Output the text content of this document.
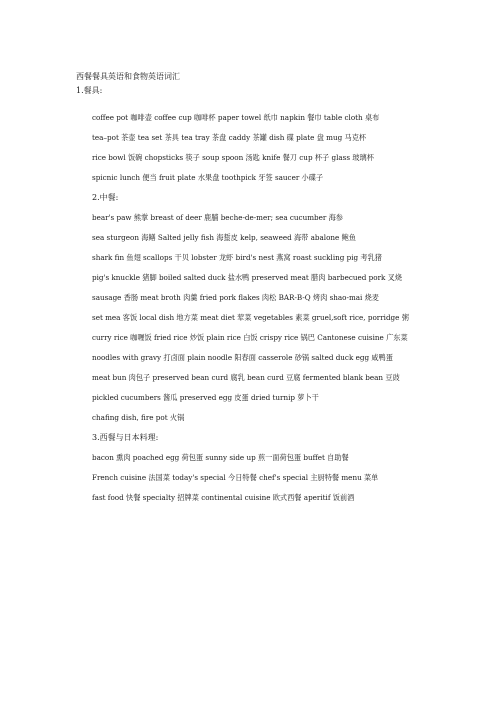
西餐餐具英语和食物英语词汇
1.餐具:
coffee pot 咖啡壶 coffee cup 咖啡杯 paper towel 纸巾 napkin 餐巾 table cloth 桌布
tea–pot 茶壶 tea set 茶具 tea tray 茶盘 caddy 茶罐 dish 碟 plate 盘 mug 马克杯
rice bowl 饭碗 chopsticks 筷子 soup spoon 汤匙 knife 餐刀 cup 杯子 glass 玻璃杯
spicnic lunch 便当 fruit plate 水果盘 toothpick 牙签 saucer 小碟子
2.中餐:
bear's paw 熊掌 breast of deer 鹿脯 beche-de-mer; sea cucumber 海参
sea sturgeon 海鳝 Salted jelly fish 海蜇皮 kelp, seaweed 海带 abalone 鲍鱼
shark fin 鱼翅 scallops 干贝 lobster 龙虾 bird's nest 燕窝 roast suckling pig 考乳猪
pig's knuckle 猪脚 boiled salted duck 盐水鸭 preserved meat 腊肉 barbecued pork 叉烧
sausage 香肠 meat broth 肉羹 fried pork flakes 肉松 BAR-B-Q 烤肉 shao-mai 烧麦
set mea 客饭 local dish 地方菜 meat diet 荤菜 vegetables 素菜 gruel,soft rice, porridge 粥
curry rice 咖喱饭 fried rice 炒饭 plain rice 白饭 crispy rice 锅巴 Cantonese cuisine 广东菜
noodles with gravy 打卤面 plain noodle 阳春面 casserole 砂锅 salted duck egg 咸鸭蛋
meat bun 肉包子 preserved bean curd 腐乳 bean curd 豆腐 fermented blank bean 豆豉
pickled cucumbers 酱瓜 preserved egg 皮蛋 dried turnip 萝卜干
chafing dish, fire pot 火锅
3.西餐与日本料理:
bacon 熏肉 poached egg 荷包蛋 sunny side up 煎一面荷包蛋 buffet 自助餐
French cuisine 法国菜 today's special 今日特餐 chef's special 主厨特餐 menu 菜单
fast food 快餐 specialty 招牌菜 continental cuisine 欧式西餐 aperitif 饭前酒
